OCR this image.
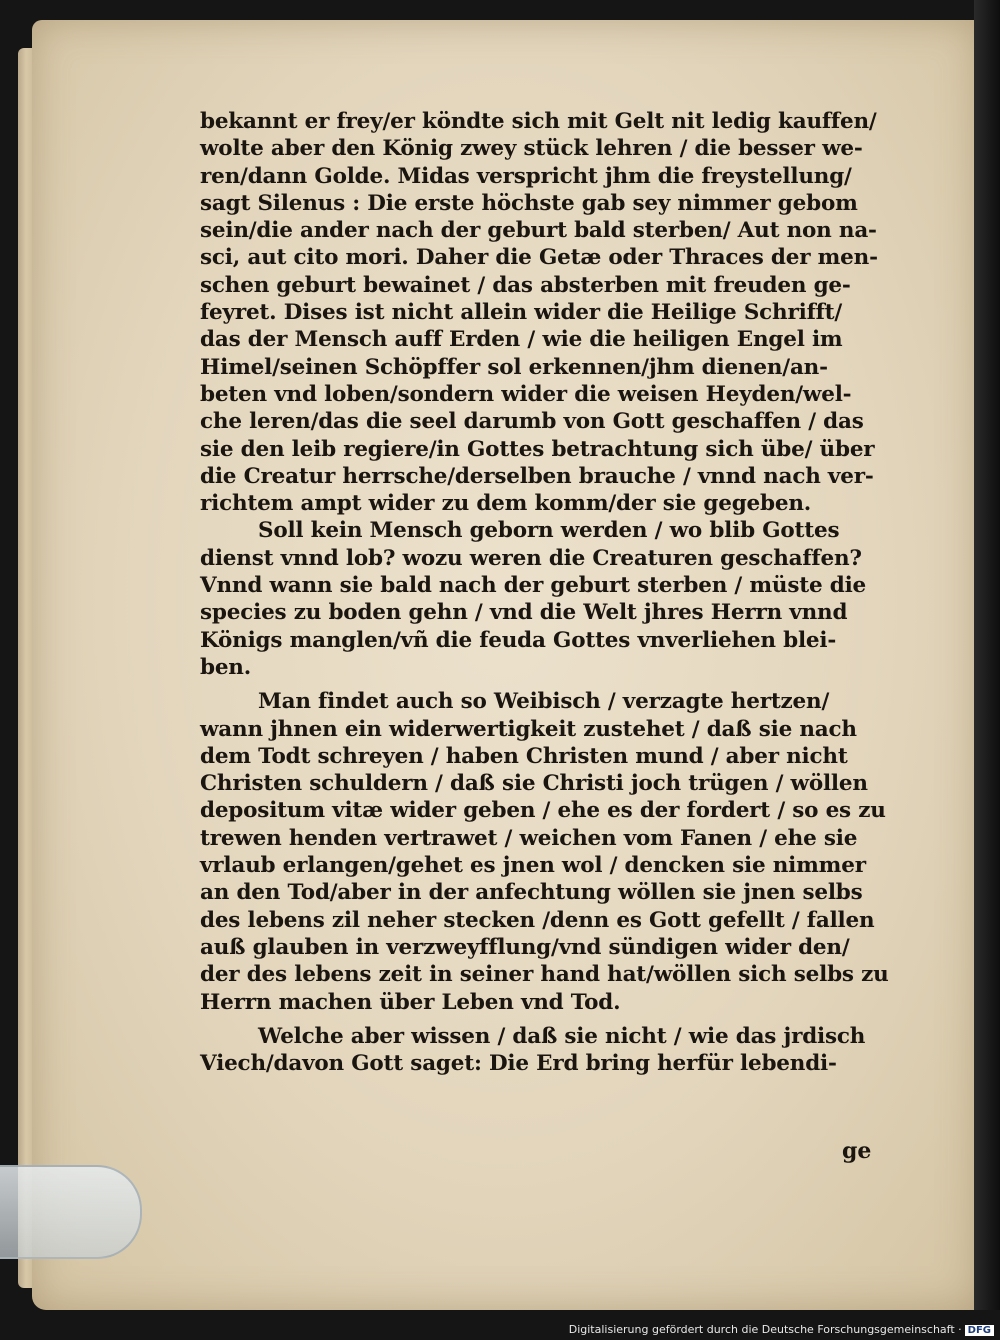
bekannt er frey/er köndte sich mit Gelt nit ledig kauffen/
wolte aber den König zwey stück lehren / die besser we-
ren/dann Golde. Midas verspricht jhm die freystellung/
sagt Silenus : Die erste höchste gab sey nimmer gebom
sein/die ander nach der geburt bald sterben/ Aut non na-
sci, aut cito mori. Daher die Getæ oder Thraces der men-
schen geburt bewainet / das absterben mit freuden ge-
feyret. Dises ist nicht allein wider die Heilige Schrifft/
das der Mensch auff Erden / wie die heiligen Engel im
Himel/seinen Schöpffer sol erkennen/jhm dienen/an-
beten vnd loben/sondern wider die weisen Heyden/wel-
che leren/das die seel darumb von Gott geschaffen / das
sie den leib regiere/in Gottes betrachtung sich übe/ über
die Creatur herrsche/derselben brauche / vnnd nach ver-
richtem ampt wider zu dem komm/der sie gegeben.
Soll kein Mensch geborn werden / wo blib Gottes
dienst vnnd lob? wozu weren die Creaturen geschaffen?
Vnnd wann sie bald nach der geburt sterben / müste die
species zu boden gehn / vnd die Welt jhres Herrn vnnd
Königs manglen/vñ die feuda Gottes vnverliehen blei-
ben.
Man findet auch so Weibisch / verzagte hertzen/
wann jhnen ein widerwertigkeit zustehet / daß sie nach
dem Todt schreyen / haben Christen mund / aber nicht
Christen schuldern / daß sie Christi joch trügen / wöllen
depositum vitæ wider geben / ehe es der fordert / so es zu
trewen henden vertrawet / weichen vom Fanen / ehe sie
vrlaub erlangen/gehet es jnen wol / dencken sie nimmer
an den Tod/aber in der anfechtung wöllen sie jnen selbs
des lebens zil neher stecken /denn es Gott gefellt / fallen
auß glauben in verzweyfflung/vnd sündigen wider den/
der des lebens zeit in seiner hand hat/wöllen sich selbs zu
Herrn machen über Leben vnd Tod.
Welche aber wissen / daß sie nicht / wie das jrdisch
Viech/davon Gott saget: Die Erd bring herfür lebendi-
ge
Digitalisierung gefördert durch die Deutsche Forschungsgemeinschaft · DFG
